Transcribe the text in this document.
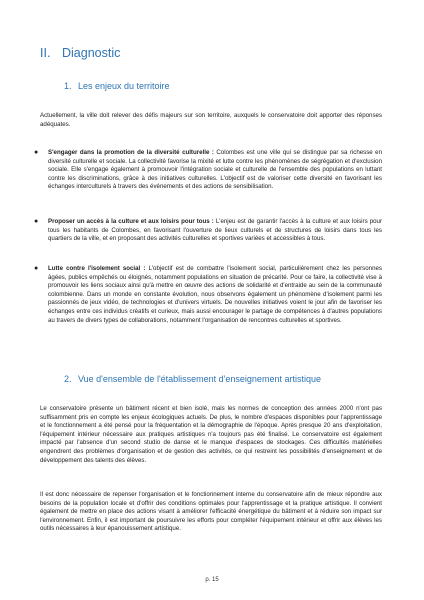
II. Diagnostic
1. Les enjeux du territoire
Actuellement, la ville doit relever des défis majeurs sur son territoire, auxquels le conservatoire doit apporter des réponses adéquates.
● S'engager dans la promotion de la diversité culturelle : Colombes est une ville qui se distingue par sa richesse en diversité culturelle et sociale. La collectivité favorise la mixité et lutte contre les phénomènes de ségrégation et d'exclusion sociale. Elle s'engage également à promouvoir l'intégration sociale et culturelle de l'ensemble des populations en luttant contre les discriminations, grâce à des initiatives culturelles. L'objectif est de valoriser cette diversité en favorisant les échanges interculturels à travers des événements et des actions de sensibilisation.
● Proposer un accès à la culture et aux loisirs pour tous : L'enjeu est de garantir l'accès à la culture et aux loisirs pour tous les habitants de Colombes, en favorisant l'ouverture de lieux culturels et de structures de loisirs dans tous les quartiers de la ville, et en proposant des activités culturelles et sportives variées et accessibles à tous.
● Lutte contre l'isolement social : L'objectif est de combattre l'isolement social, particulièrement chez les personnes âgées, publics empêchés ou éloignés, notamment populations en situation de précarité. Pour ce faire, la collectivité vise à promouvoir les liens sociaux ainsi qu'à mettre en œuvre des actions de solidarité et d'entraide au sein de la communauté colombienne. Dans un monde en constante évolution, nous observons également un phénomène d'isolement parmi les passionnés de jeux vidéo, de technologies et d'univers virtuels. De nouvelles initiatives voient le jour afin de favoriser les échanges entre ces individus créatifs et curieux, mais aussi encourager le partage de compétences à d'autres populations au travers de divers types de collaborations, notamment l'organisation de rencontres culturelles et sportives.
2. Vue d'ensemble de l'établissement d'enseignement artistique
Le conservatoire présente un bâtiment récent et bien isolé, mais les normes de conception des années 2000 n'ont pas suffisamment pris en compte les enjeux écologiques actuels. De plus, le nombre d'espaces disponibles pour l'apprentissage et le fonctionnement a été pensé pour la fréquentation et la démographie de l'époque. Après presque 20 ans d'exploitation, l'équipement intérieur nécessaire aux pratiques artistiques n'a toujours pas été finalisé. Le conservatoire est également impacté par l'absence d'un second studio de danse et le manque d'espaces de stockages. Ces difficultés matérielles engendrent des problèmes d'organisation et de gestion des activités, ce qui restreint les possibilités d'enseignement et de développement des talents des élèves.
Il est donc nécessaire de repenser l'organisation et le fonctionnement interne du conservatoire afin de mieux répondre aux besoins de la population locale et d'offrir des conditions optimales pour l'apprentissage et la pratique artistique. Il convient également de mettre en place des actions visant à améliorer l'efficacité énergétique du bâtiment et à réduire son impact sur l'environnement. Enfin, il est important de poursuivre les efforts pour compléter l'équipement intérieur et offrir aux élèves les outils nécessaires à leur épanouissement artistique.
p. 15
